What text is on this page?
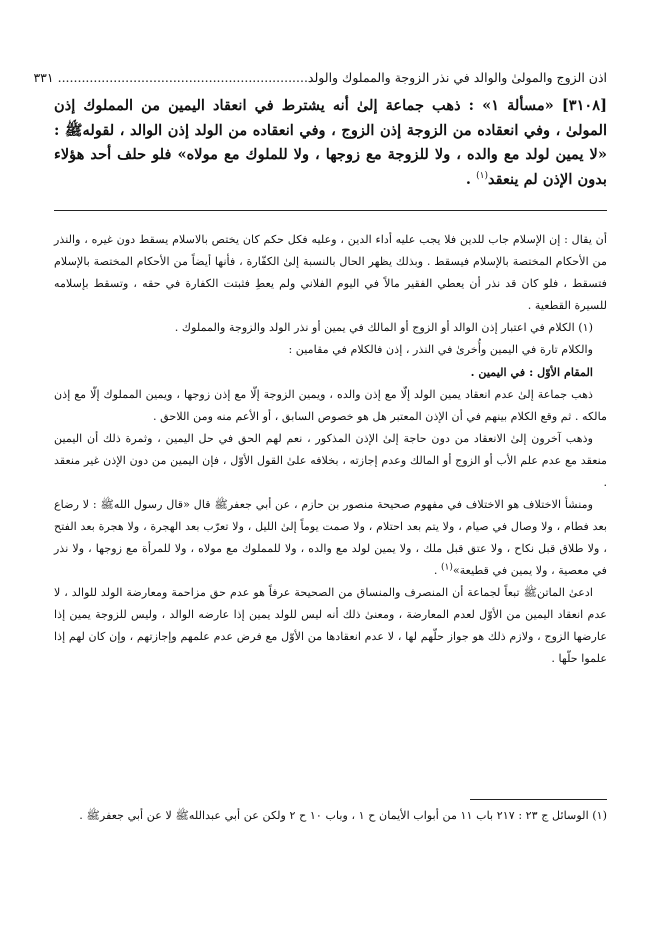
اذن الزوج والمولىٰ والوالد في نذر الزوجة والمملوك والولد.......................................
٣٣١ ........................
[٣١٠٨] «مسألة ١» : ذهب جماعة إلىٰ أنه يشترط في انعقاد اليمين من المملوك إذن المولىٰ ، وفي انعقاده من الزوجة إذن الزوج ، وفي انعقاده من الولد إذن الوالد ، لقولهﷺ : «لا يمين لولد مع والده ، ولا للزوجة مع زوجها ، ولا للملوك مع مولاه» فلو حلف أحد هؤلاء بدون الإذن لم ينعقد$^{(١)}$ .

أن يقال : إن الإسلام جاب للدين فلا يجب عليه أداء الدين ، وعليه فكل حكم كان يختص بالاسلام يسقط دون غيره ، والنذر من الأحكام المختصة بالإسلام فيسقط . وبذلك يظهر الحال بالنسبة إلىٰ الكفّارة ، فأنها أيضاً من الأحكام المختصة بالإسلام فتسقط ، فلو كان قد نذر أن يعطي الفقير مالاً في اليوم الفلاني ولم يعطِ فثبتت الكفارة في حقه ، وتسقط بإسلامه للسيرة القطعية .

(١) الكلام في اعتبار إذن الوالد أو الزوج أو المالك في يمين أو نذر الولد والزوجة والمملوك .

والكلام تارة في اليمين وأُخرىٰ في النذر ، إذن فالكلام في مقامين :

المقام الأوّل : في اليمين .

ذهب جماعة إلىٰ عدم انعقاد يمين الولد إلّا مع إذن والده ، ويمين الزوجة إلّا مع إذن زوجها ، ويمين المملوك إلّا مع إذن مالكه . ثم وقع الكلام بينهم في أن الإذن المعتبر هل هو خصوص السابق ، أو الأعم منه ومن اللاحق .

وذهب آخرون إلىٰ الانعقاد من دون حاجة إلىٰ الإذن المذكور ، نعم لهم الحق في حل اليمين ، وثمرة ذلك أن اليمين منعقد مع عدم علم الأب أو الزوج أو المالك وعدم إجازته ، بخلافه علىٰ القول الأوّل ، فإن اليمين من دون الإذن غير منعقد .

ومنشأ الاختلاف هو الاختلاف في مفهوم صحيحة منصور بن حازم ، عن أبي جعفرﷺ قال «قال رسول اللهﷺ : لا رضاع بعد فطام ، ولا وصال في صيام ، ولا يتم بعد احتلام ، ولا صمت يوماً إلىٰ الليل ، ولا تعرّب بعد الهجرة ، ولا هجرة بعد الفتح ، ولا طلاق قبل نكاح ، ولا عتق قبل ملك ، ولا يمين لولد مع والده ، ولا للمملوك مع مولاه ، ولا للمرأة مع زوجها ، ولا نذر في معصية ، ولا يمين في قطيعة»$^{(١)}$ .

ادعىٰ الماتنﷺ تبعاً لجماعة أن المنصرف والمنساق من الصحيحة عرفاً هو عدم حق مزاحمة ومعارضة الولد للوالد ، لا عدم انعقاد اليمين من الأوّل لعدم المعارضة ، ومعنىٰ ذلك أنه ليس للولد يمين إذا عارضه الوالد ، وليس للزوجة يمين إذا عارضها الزوج ، ولازم ذلك هو جواز حلّهم لها ، لا عدم انعقادها من الأوّل مع فرض عدم علمهم وإجازتهم ، وإن كان لهم إذا علموا حلّها .

(١) الوسائل ج ٢٣ : ٢١٧ باب ١١ من أبواب الأيمان ح ١ ، وباب ١٠ ح ٢ ولكن عن أبي عبداللهﷺ لا عن أبي جعفرﷺ .
